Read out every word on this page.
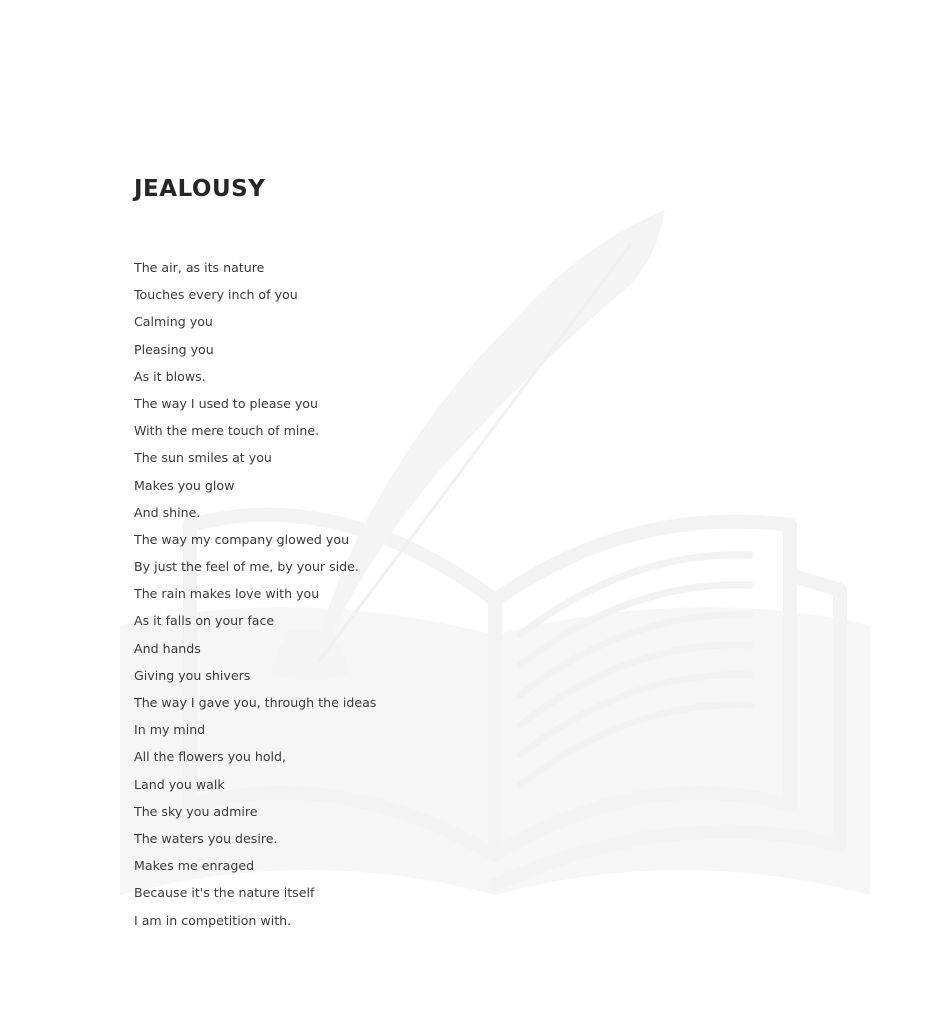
JEALOUSY
The air, as its nature
Touches every inch of you
Calming you
Pleasing you
As it blows.
The way I used to please you
With the mere touch of mine.
The sun smiles at you
Makes you glow
And shine.
The way my company glowed you
By just the feel of me, by your side.
The rain makes love with you
As it falls on your face
And hands
Giving you shivers
The way I gave you, through the ideas
In my mind
All the flowers you hold,
Land you walk
The sky you admire
The waters you desire.
Makes me enraged
Because it's the nature itself
I am in competition with.
